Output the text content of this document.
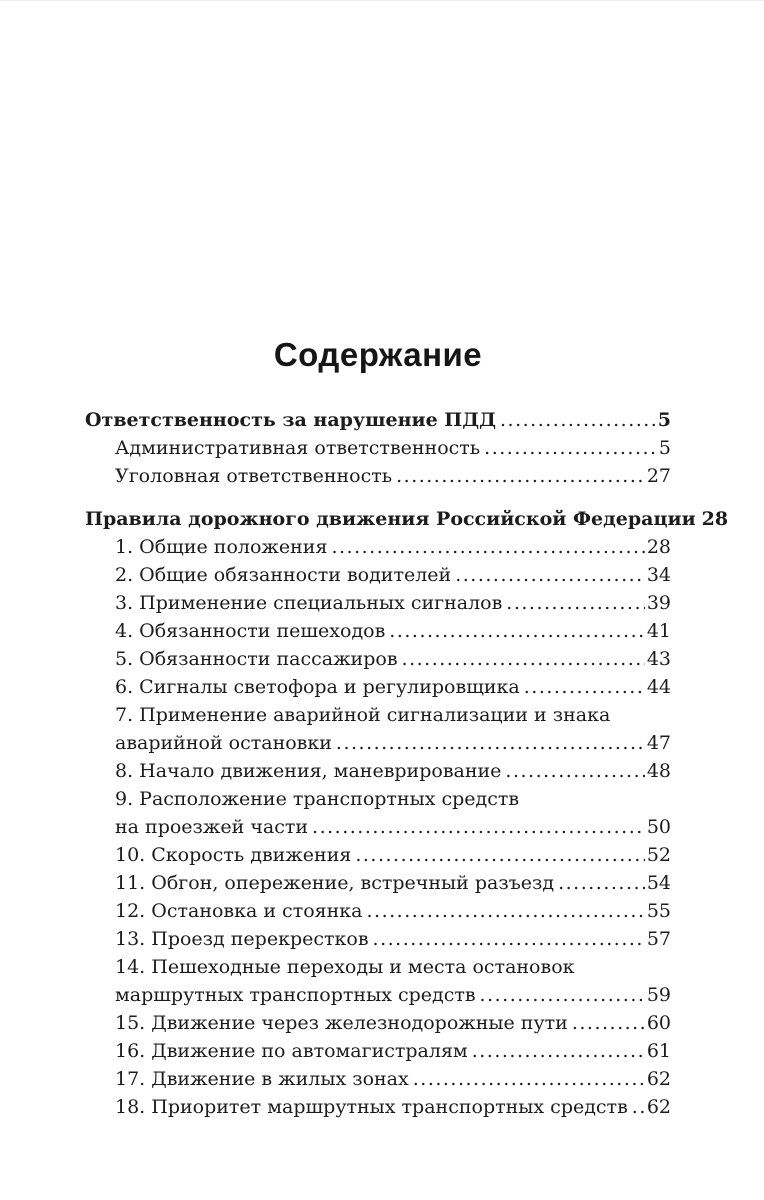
Содержание
Ответственность за нарушение ПДД .....	5
Административная ответственность .....	5
Уголовная ответственность .....	27
Правила дорожного движения Российской Федерации 28
1. Общие положения .....	28
2. Общие обязанности водителей .....	34
3. Применение специальных сигналов .....	39
4. Обязанности пешеходов .....	41
5. Обязанности пассажиров .....	43
6. Сигналы светофора и регулировщика .....	44
7. Применение аварийной сигнализации и знака
аварийной остановки .....	47
8. Начало движения, маневрирование .....	48
9. Расположение транспортных средств
на проезжей части .....	50
10. Скорость движения .....	52
11. Обгон, опережение, встречный разъезд .....	54
12. Остановка и стоянка .....	55
13. Проезд перекрестков .....	57
14. Пешеходные переходы и места остановок
маршрутных транспортных средств .....	59
15. Движение через железнодорожные пути .....	60
16. Движение по автомагистралям .....	61
17. Движение в жилых зонах .....	62
18. Приоритет маршрутных транспортных средств ..... 62
